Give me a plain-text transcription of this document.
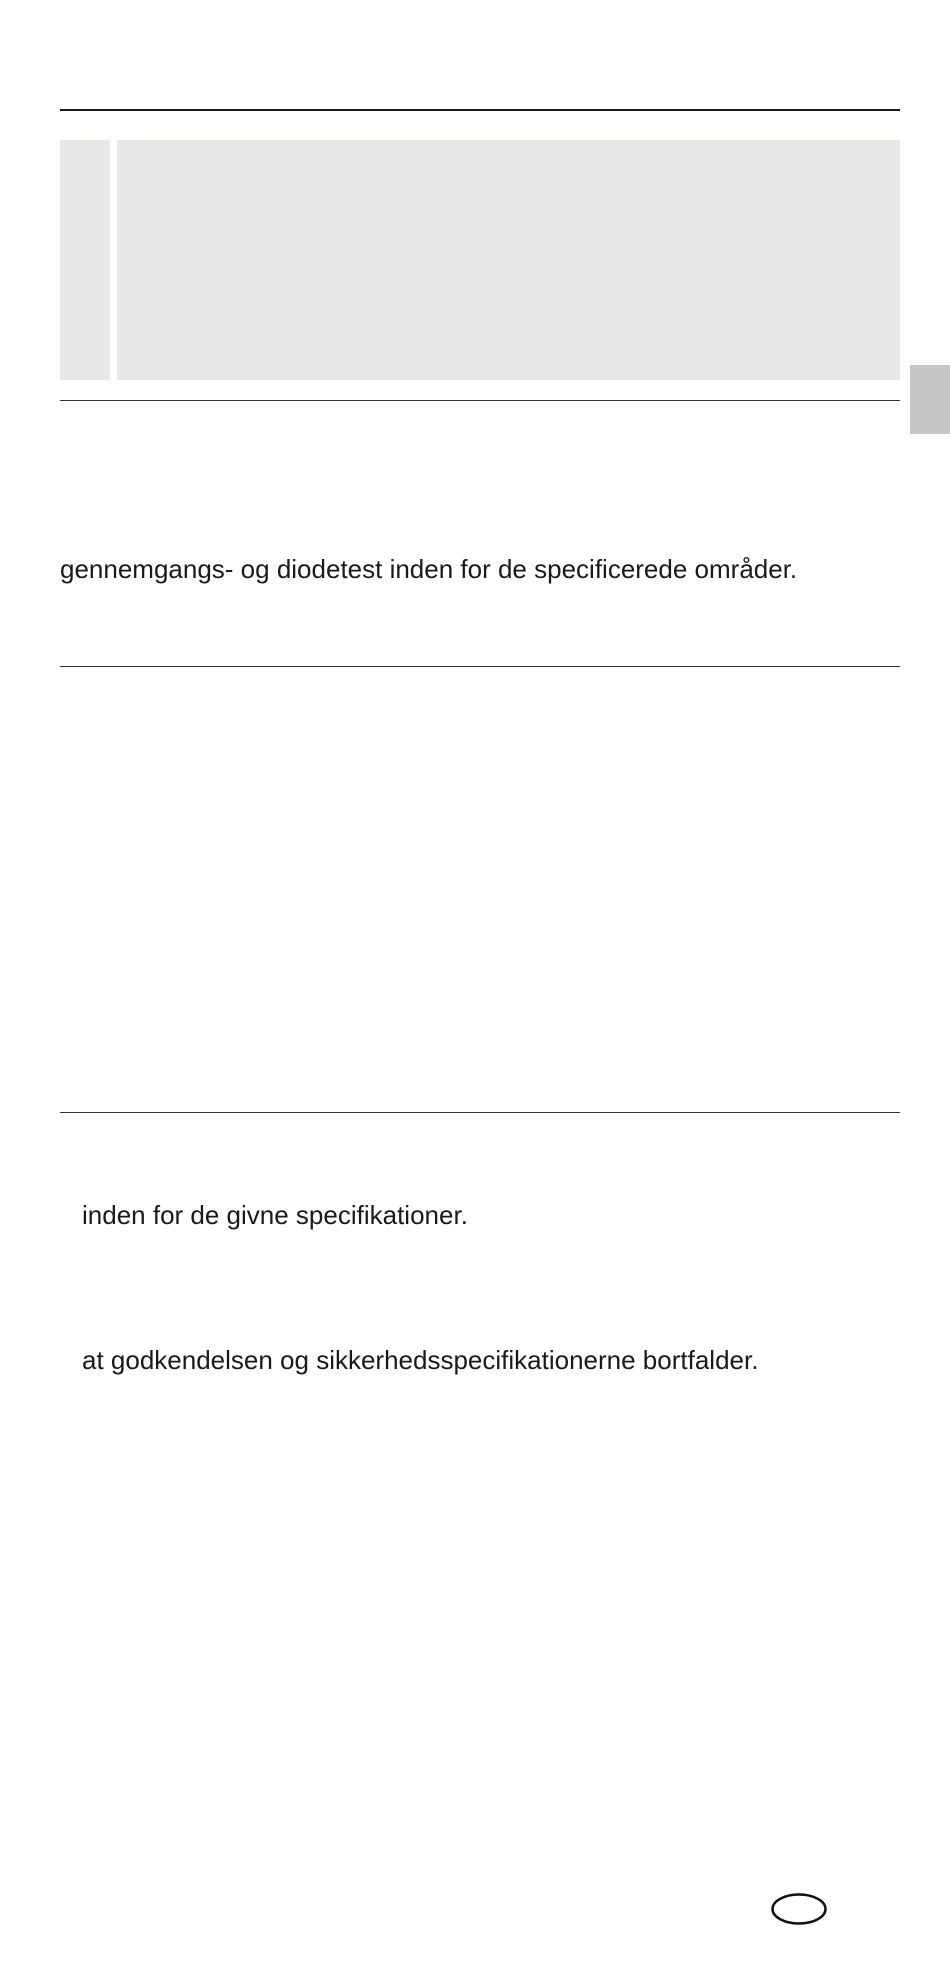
gennemgangs- og diodetest inden for de specificerede områder.
inden for de givne specifikationer.
at godkendelsen og sikkerhedsspecifikationerne bortfalder.
